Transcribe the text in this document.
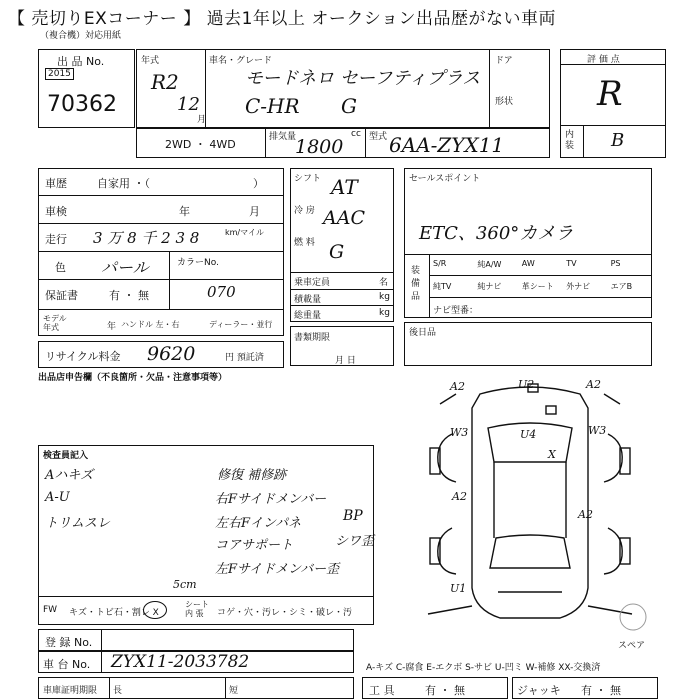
【 売切りEXコーナー 】 過去1年以上 オークション出品歴がない車両
（複合機）対応用紙
出 品 No.
2015
70362
年式
R2
12
月
車名・グレード
モードネロ セーフティプラス
C-HR G
ドア
形状
2WD ・ 4WD
排気量	cc
1800	型式 6AA-ZYX11
評 価 点
R
内装 B
車歴	自家用 ・（	）
車検	年	月
走行 3 万 8 千 2 3 8	km/マイル
色 パール	カラーNo.
保証書	有 ・ 無	070
モデル 年式	年 ハンドル 左・右	ディーラー・並行
リサイクル料金 9620	円 預託済
シフト AT
冷 房 AAC
燃 料 G
乗車定員	名
積載量	kg
総重量	kg
書類期限
月 日
セールスポイント
ETC、360°カメラ
装 備 品
S/R	純A/W	AW	TV	PS
純TV	純ナビ	革シート 外ナビ	エアB
ナビ型番：
後日品
出品店申告欄（不良箇所・欠品・注意事項等）
検査員記入
Aハキズ
A-U
トリムスレ
修復 補修跡
右Fサイドメンバー
左右Fインパネ
コアサポート
左Fサイドメンバー歪
BP
シワ歪
5cm
FW キズ・トビ石・割レ X
シート 内 張	コゲ・穴・汚レ・シミ・破レ・汚
A2	U2	A2
W3	U4	W3
X
A2
A2
U1
スペア
登 録 No.
車 台 No. ZYX11-2033782	A-キズ C-腐食 E-エクボ S-サビ U-凹ミ W-補修 XX-交換済
車庫証明期限 長	短	工 具	有 ・ 無	ジャッキ 有 ・ 無
